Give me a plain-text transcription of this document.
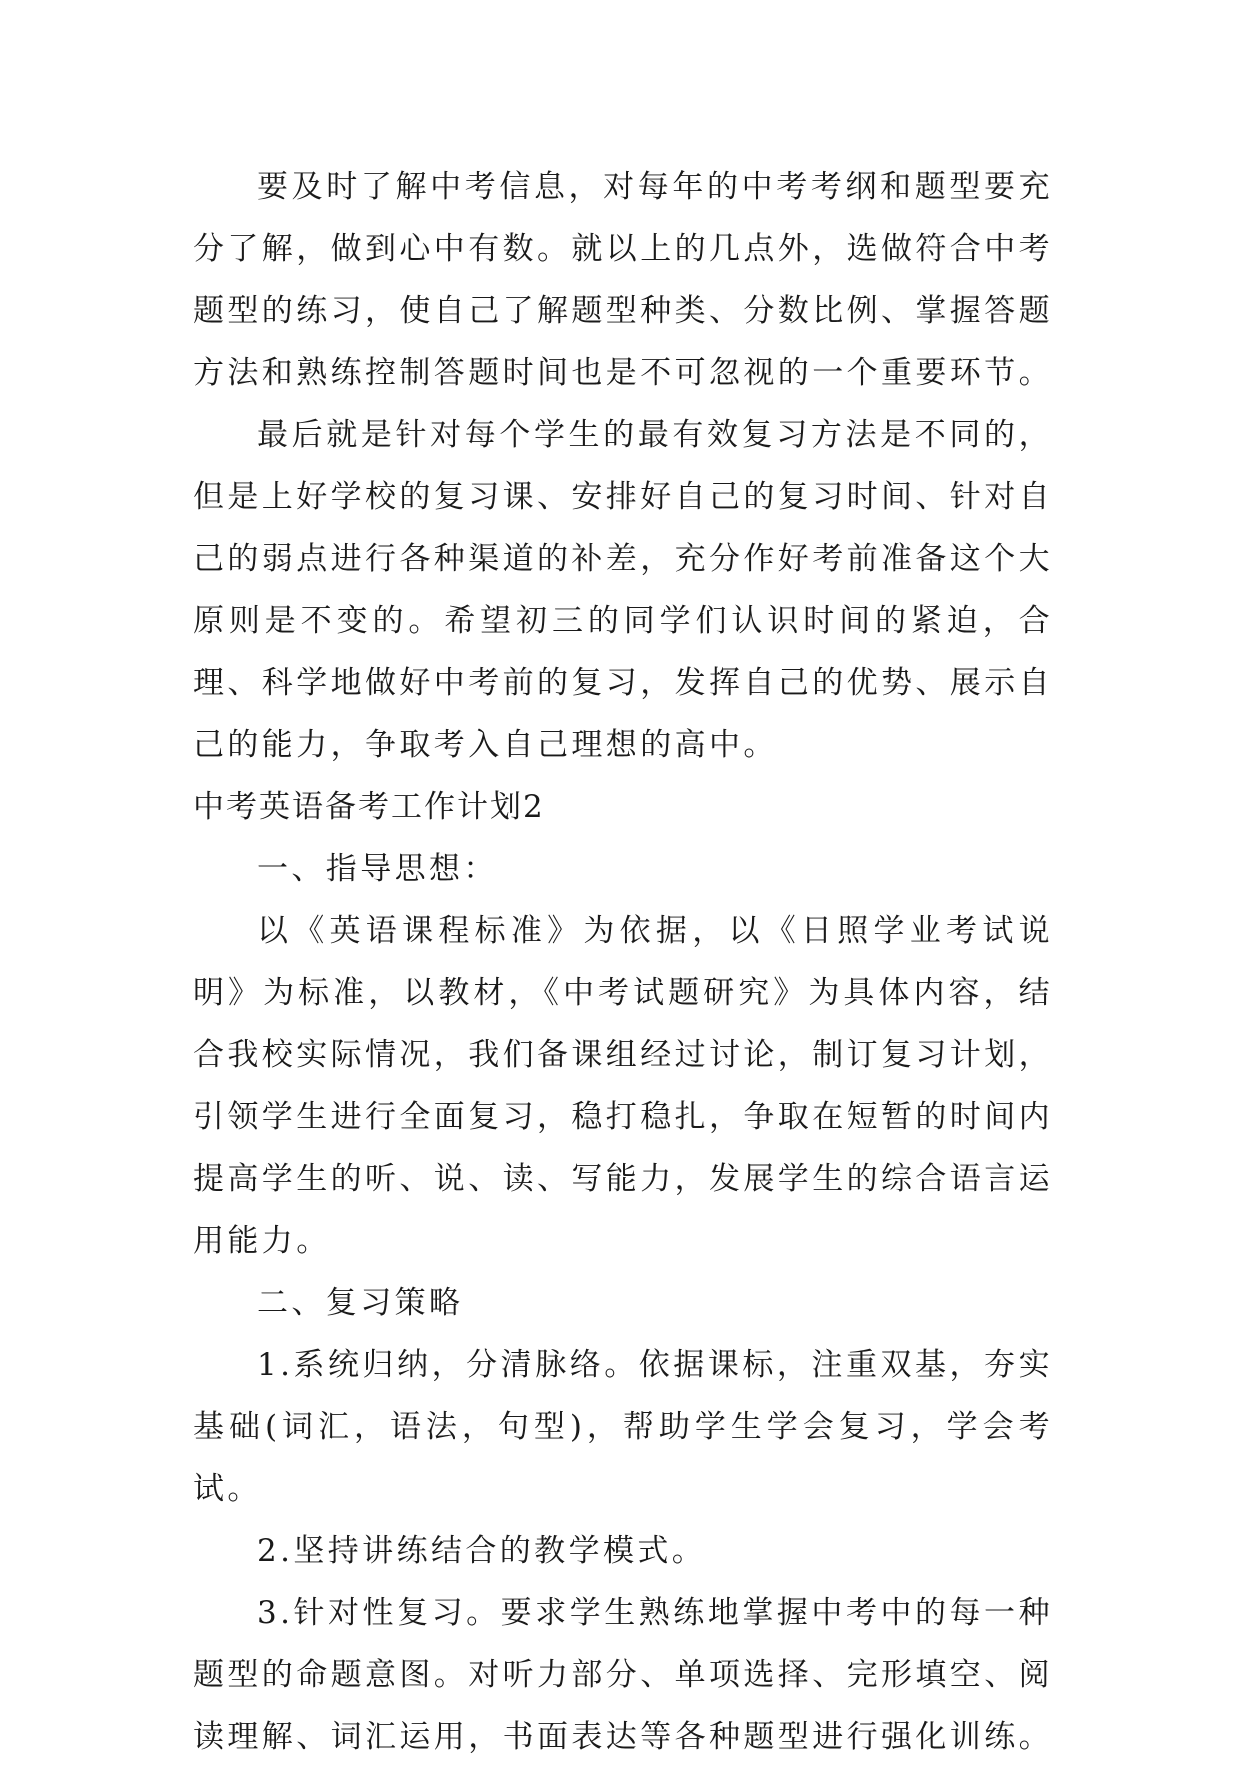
要及时了解中考信息，对每年的中考考纲和题型要充分了解，做到心中有数。就以上的几点外，选做符合中考题型的练习，使自己了解题型种类、分数比例、掌握答题方法和熟练控制答题时间也是不可忽视的一个重要环节。

最后就是针对每个学生的最有效复习方法是不同的，但是上好学校的复习课、安排好自己的复习时间、针对自己的弱点进行各种渠道的补差，充分作好考前准备这个大原则是不变的。希望初三的同学们认识时间的紧迫，合理、科学地做好中考前的复习，发挥自己的优势、展示自己的能力，争取考入自己理想的高中。

中考英语备考工作计划2

一、指导思想：

以《英语课程标准》为依据，以《日照学业考试说明》为标准，以教材，《中考试题研究》为具体内容，结合我校实际情况，我们备课组经过讨论，制订复习计划，引领学生进行全面复习，稳打稳扎，争取在短暂的时间内提高学生的听、说、读、写能力，发展学生的综合语言运用能力。

二、复习策略

1.系统归纳，分清脉络。依据课标，注重双基，夯实基础(词汇，语法，句型)，帮助学生学会复习，学会考试。

2.坚持讲练结合的教学模式。

3.针对性复习。要求学生熟练地掌握中考中的每一种题型的命题意图。对听力部分、单项选择、完形填空、阅读理解、词汇运用，书面表达等各种题型进行强化训练。
